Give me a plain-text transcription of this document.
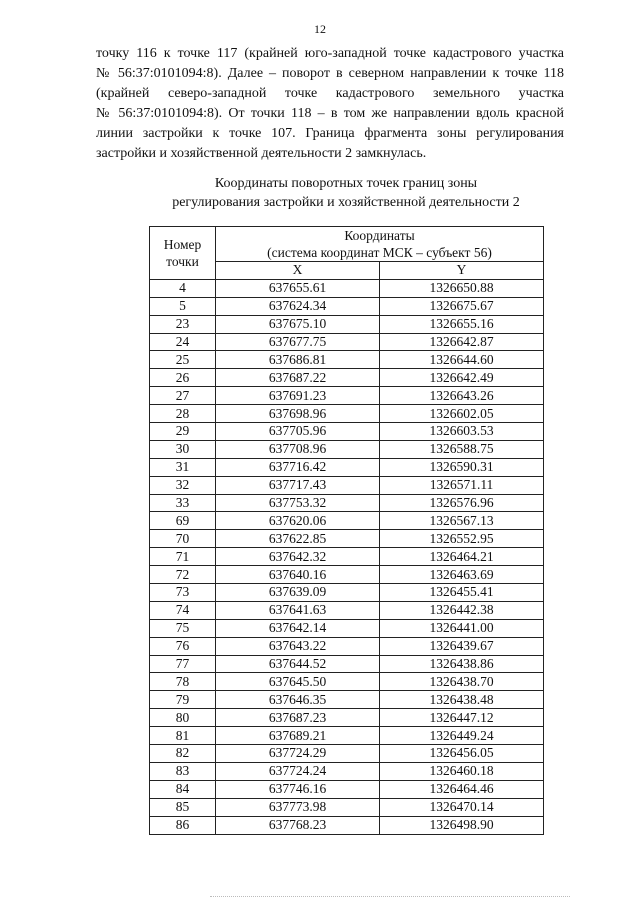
12

точку 116 к точке 117 (крайней юго-западной точке кадастрового участка
№ 56:37:0101094:8). Далее – поворот в северном направлении к точке 118
(крайней северо-западной точке кадастрового земельного участка
№ 56:37:0101094:8). От точки 118 – в том же направлении вдоль красной
линии застройки к точке 107. Граница фрагмента зоны регулирования
застройки и хозяйственной деятельности 2 замкнулась.

Координаты поворотных точек границ зоны
регулирования застройки и хозяйственной деятельности 2
Номер точки	Координаты
(система координат МСК – субъект 56)	
	X	Y
4	637655.61	1326650.88
5	637624.34	1326675.67
23	637675.10	1326655.16
24	637677.75	1326642.87
25	637686.81	1326644.60
26	637687.22	1326642.49
27	637691.23	1326643.26
28	637698.96	1326602.05
29	637705.96	1326603.53
30	637708.96	1326588.75
31	637716.42	1326590.31
32	637717.43	1326571.11
33	637753.32	1326576.96
69	637620.06	1326567.13
70	637622.85	1326552.95
71	637642.32	1326464.21
72	637640.16	1326463.69
73	637639.09	1326455.41
74	637641.63	1326442.38
75	637642.14	1326441.00
76	637643.22	1326439.67
77	637644.52	1326438.86
78	637645.50	1326438.70
79	637646.35	1326438.48
80	637687.23	1326447.12
81	637689.21	1326449.24
82	637724.29	1326456.05
83	637724.24	1326460.18
84	637746.16	1326464.46
85	637773.98	1326470.14
86	637768.23	1326498.90
